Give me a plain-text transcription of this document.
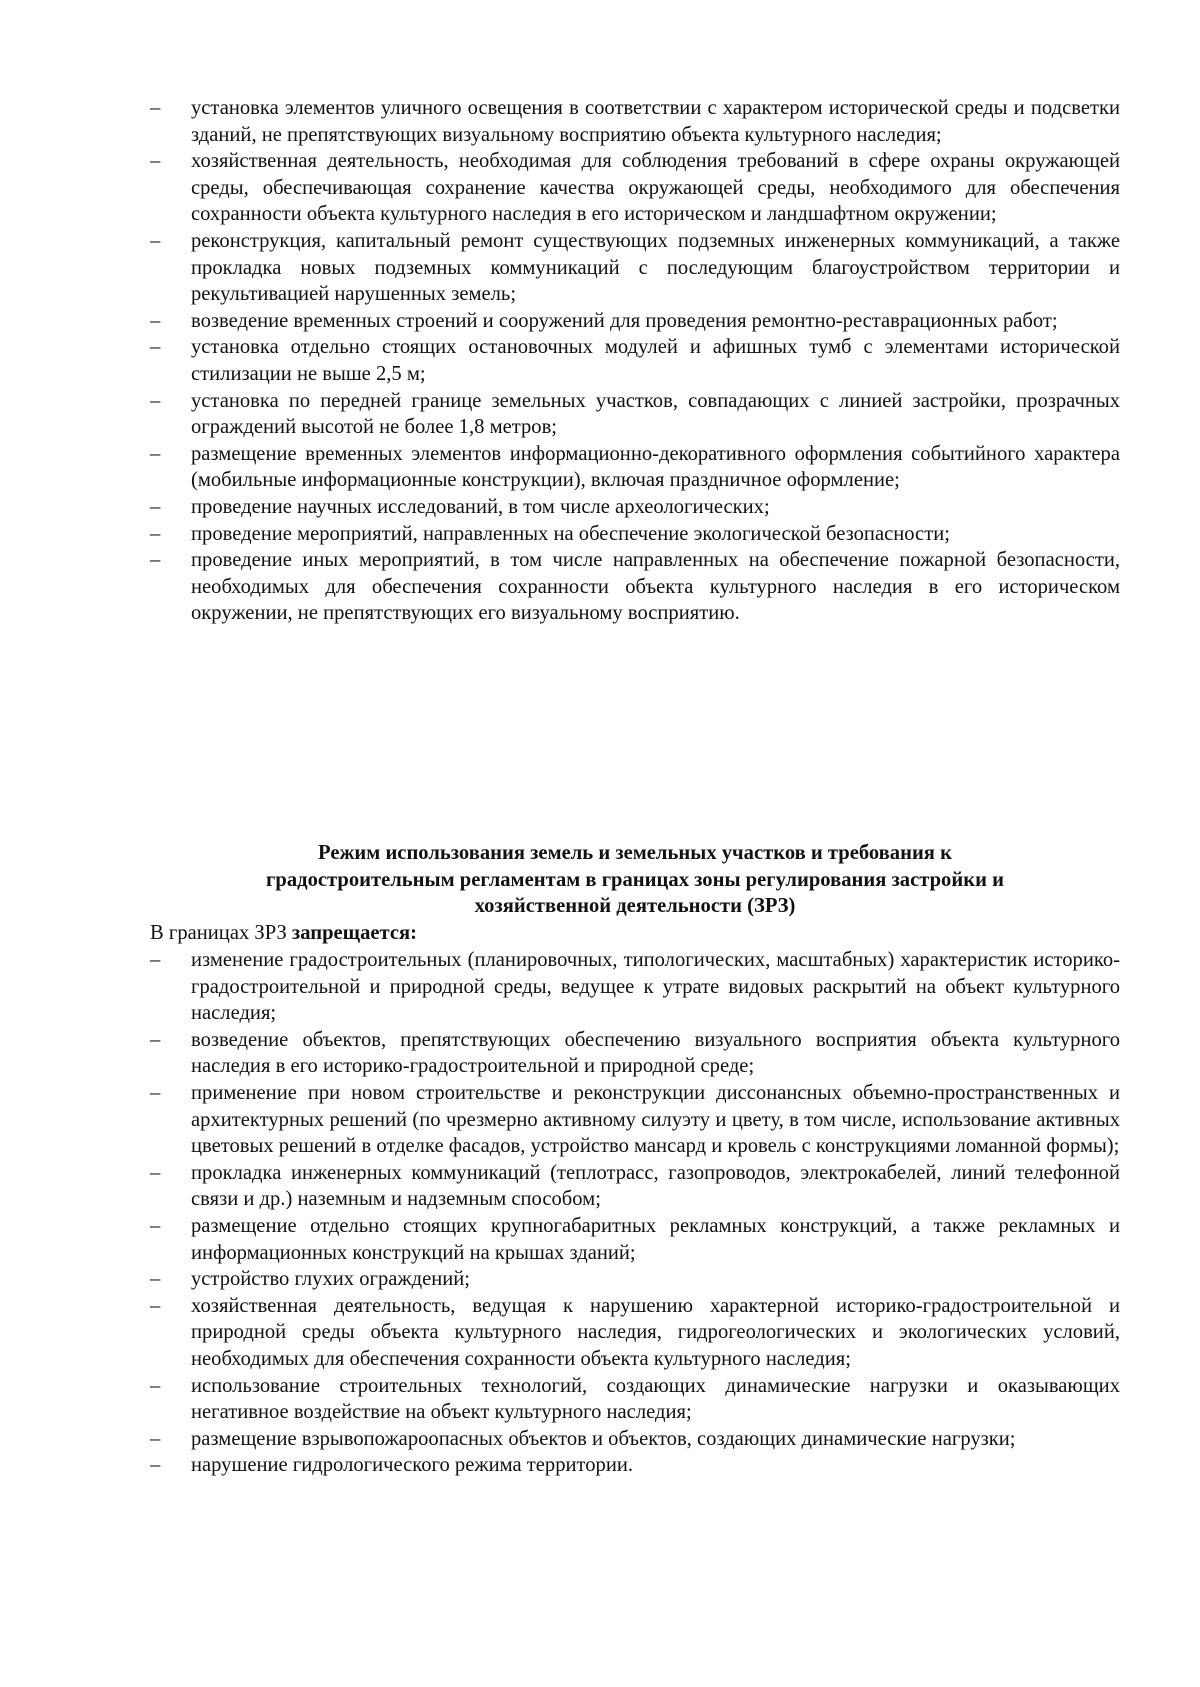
–	установка элементов уличного освещения в соответствии с характером исторической среды и подсветки зданий, не препятствующих визуальному восприятию объекта культурного наследия;
–	хозяйственная деятельность, необходимая для соблюдения требований в сфере охраны окружающей среды, обеспечивающая сохранение качества окружающей среды, необходимого для обеспечения сохранности объекта культурного наследия в его историческом и ландшафтном окружении;
–	реконструкция, капитальный ремонт существующих подземных инженерных коммуникаций, а также прокладка новых подземных коммуникаций с последующим благоустройством территории и рекультивацией нарушенных земель;
–	возведение временных строений и сооружений для проведения ремонтно-реставрационных работ;
–	установка отдельно стоящих остановочных модулей и афишных тумб с элементами исторической стилизации не выше 2,5 м;
–	установка по передней границе земельных участков, совпадающих с линией застройки, прозрачных ограждений высотой не более 1,8 метров;
–	размещение временных элементов информационно-декоративного оформления событийного характера (мобильные информационные конструкции), включая праздничное оформление;
–	проведение научных исследований, в том числе археологических;
–	проведение мероприятий, направленных на обеспечение экологической безопасности;
–	проведение иных мероприятий, в том числе направленных на обеспечение пожарной безопасности, необходимых для обеспечения сохранности объекта культурного наследия в его историческом окружении, не препятствующих его визуальному восприятию.
Режим использования земель и земельных участков и требования к
градостроительным регламентам в границах зоны регулирования застройки и
хозяйственной деятельности (ЗРЗ)
В границах ЗРЗ запрещается:
–	изменение градостроительных (планировочных, типологических, масштабных) характеристик историко-градостроительной и природной среды, ведущее к утрате видовых раскрытий на объект культурного наследия;
–	возведение объектов, препятствующих обеспечению визуального восприятия объекта культурного наследия в его историко-градостроительной и природной среде;
–	применение при новом строительстве и реконструкции диссонансных объемно-пространственных и архитектурных решений (по чрезмерно активному силуэту и цвету, в том числе, использование активных цветовых решений в отделке фасадов, устройство мансард и кровель с конструкциями ломанной формы);
–	прокладка инженерных коммуникаций (теплотрасс, газопроводов, электрокабелей, линий телефонной связи и др.) наземным и надземным способом;
–	размещение отдельно стоящих крупногабаритных рекламных конструкций, а также рекламных и информационных конструкций на крышах зданий;
–	устройство глухих ограждений;
–	хозяйственная деятельность, ведущая к нарушению характерной историко-градостроительной и природной среды объекта культурного наследия, гидрогеологических и экологических условий, необходимых для обеспечения сохранности объекта культурного наследия;
–	использование строительных технологий, создающих динамические нагрузки и оказывающих негативное воздействие на объект культурного наследия;
–	размещение взрывопожароопасных объектов и объектов, создающих динамические нагрузки;
–	нарушение гидрологического режима территории.
